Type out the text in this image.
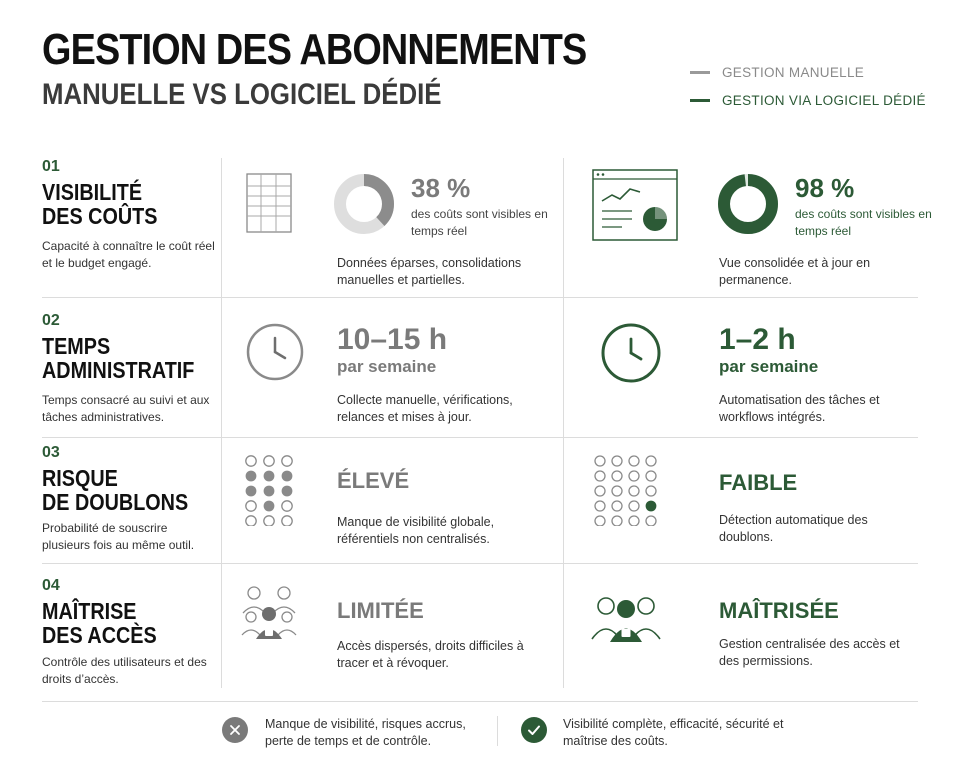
GESTION DES ABONNEMENTS
MANUELLE VS LOGICIEL DÉDIÉ
GESTION MANUELLE
GESTION VIA LOGICIEL DÉDIÉ
01
VISIBILITÉ
DES COÛTS
Capacité à connaître le coût réel et le budget engagé.
38 %
des coûts sont visibles en temps réel
Données éparses, consolidations manuelles et partielles.
98 %
des coûts sont visibles en temps réel
Vue consolidée et à jour en permanence.
02
TEMPS
ADMINISTRATIF
Temps consacré au suivi et aux tâches administratives.
10–15 h
par semaine
Collecte manuelle, vérifications, relances et mises à jour.
1–2 h
par semaine
Automatisation des tâches et workflows intégrés.
03
RISQUE
DE DOUBLONS
Probabilité de souscrire plusieurs fois au même outil.
ÉLEVÉ
Manque de visibilité globale, référentiels non centralisés.
FAIBLE
Détection automatique des doublons.
04
MAÎTRISE
DES ACCÈS
Contrôle des utilisateurs et des droits d’accès.
LIMITÉE
Accès dispersés, droits difficiles à tracer et à révoquer.
MAÎTRISÉE
Gestion centralisée des accès et des permissions.
Manque de visibilité, risques accrus, perte de temps et de contrôle.
Visibilité complète, efficacité, sécurité et maîtrise des coûts.
